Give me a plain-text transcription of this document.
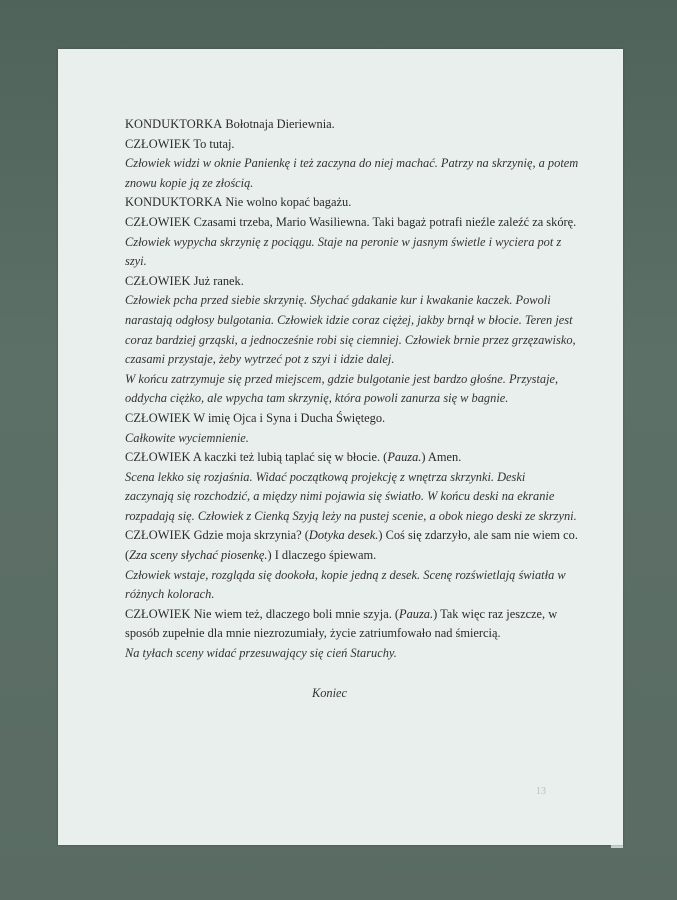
KONDUKTORKA Bołotnaja Dieriewnia.
CZŁOWIEK To tutaj.
Człowiek widzi w oknie Panienkę i też zaczyna do niej machać. Patrzy na skrzynię, a potem
znowu kopie ją ze złością.
KONDUKTORKA Nie wolno kopać bagażu.
CZŁOWIEK Czasami trzeba, Mario Wasiliewna. Taki bagaż potrafi nieźle zaleźć za skórę.
Człowiek wypycha skrzynię z pociągu. Staje na peronie w jasnym świetle i wyciera pot z
szyi.
CZŁOWIEK Już ranek.
Człowiek pcha przed siebie skrzynię. Słychać gdakanie kur i kwakanie kaczek. Powoli
narastają odgłosy bulgotania. Człowiek idzie coraz ciężej, jakby brnął w błocie. Teren jest
coraz bardziej grząski, a jednocześnie robi się ciemniej. Człowiek brnie przez grzęzawisko,
czasami przystaje, żeby wytrzeć pot z szyi i idzie dalej.
W końcu zatrzymuje się przed miejscem, gdzie bulgotanie jest bardzo głośne. Przystaje,
oddycha ciężko, ale wpycha tam skrzynię, która powoli zanurza się w bagnie.
CZŁOWIEK W imię Ojca i Syna i Ducha Świętego.
Całkowite wyciemnienie.
CZŁOWIEK A kaczki też lubią taplać się w błocie. (Pauza.) Amen.
Scena lekko się rozjaśnia. Widać początkową projekcję z wnętrza skrzynki. Deski
zaczynają się rozchodzić, a między nimi pojawia się światło. W końcu deski na ekranie
rozpadają się. Człowiek z Cienką Szyją leży na pustej scenie, a obok niego deski ze skrzyni.
CZŁOWIEK Gdzie moja skrzynia? (Dotyka desek.) Coś się zdarzyło, ale sam nie wiem co.
(Zza sceny słychać piosenkę.) I dlaczego śpiewam.
Człowiek wstaje, rozgląda się dookoła, kopie jedną z desek. Scenę rozświetlają światła w
różnych kolorach.
CZŁOWIEK Nie wiem też, dlaczego boli mnie szyja. (Pauza.) Tak więc raz jeszcze, w
sposób zupełnie dla mnie niezrozumiały, życie zatriumfowało nad śmiercią.
Na tyłach sceny widać przesuwający się cień Staruchy.
Koniec
13
